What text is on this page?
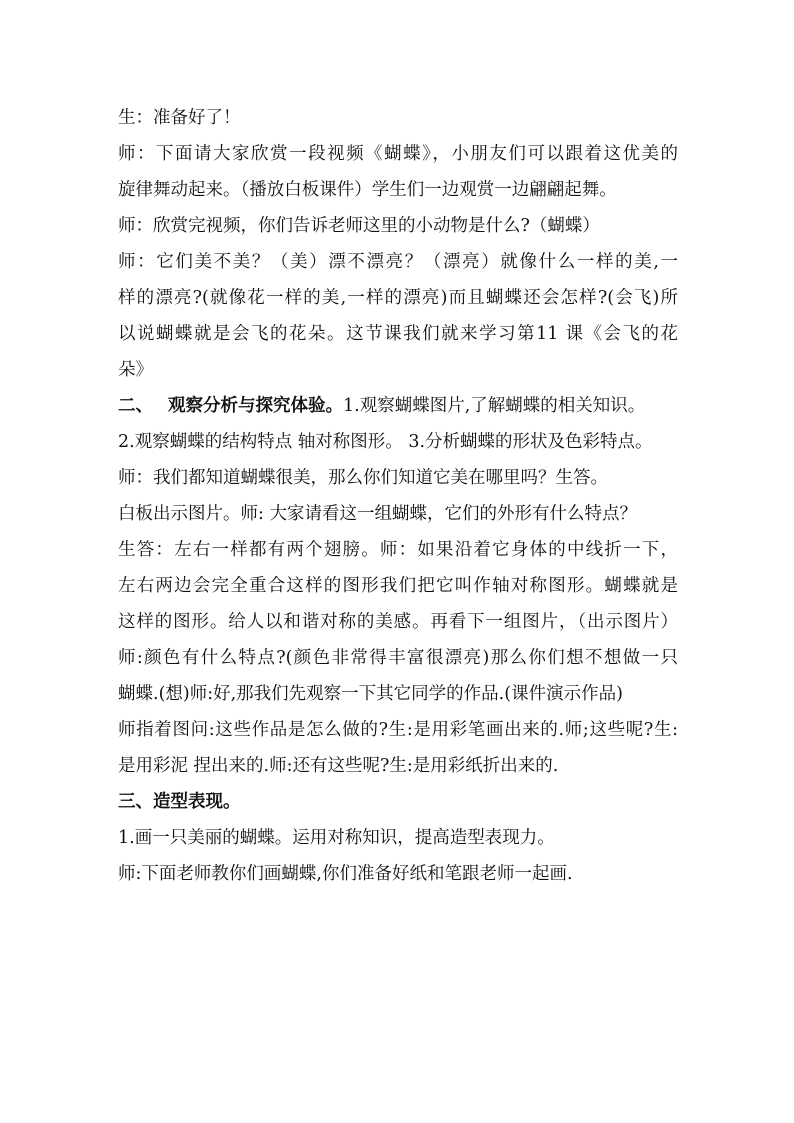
生：准备好了！
师：下面请大家欣赏一段视频《蝴蝶》，小朋友们可以跟着这优美的
旋律舞动起来。（播放白板课件）学生们一边观赏一边翩翩起舞。
师：欣赏完视频，你们告诉老师这里的小动物是什么?（蝴蝶）
师：它们美不美？（美）漂不漂亮？（漂亮）就像什么一样的美,一
样的漂亮?(就像花一样的美,一样的漂亮)而且蝴蝶还会怎样?(会飞)所
以说蝴蝶就是会飞的花朵。这节课我们就来学习第11 课《会飞的花
朵》
二、 观察分析与探究体验。1.观察蝴蝶图片,了解蝴蝶的相关知识。
2.观察蝴蝶的结构特点 轴对称图形。 3.分析蝴蝶的形状及色彩特点。
师：我们都知道蝴蝶很美，那么你们知道它美在哪里吗？生答。
白板出示图片。师: 大家请看这一组蝴蝶，它们的外形有什么特点？
生答：左右一样都有两个翅膀。师：如果沿着它身体的中线折一下，
左右两边会完全重合这样的图形我们把它叫作轴对称图形。蝴蝶就是
这样的图形。给人以和谐对称的美感。再看下一组图片，（出示图片）
师:颜色有什么特点?(颜色非常得丰富很漂亮)那么你们想不想做一只
蝴蝶.(想)师:好,那我们先观察一下其它同学的作品.(课件演示作品)
师指着图问:这些作品是怎么做的?生:是用彩笔画出来的.师;这些呢?生:
是用彩泥 捏出来的.师:还有这些呢?生:是用彩纸折出来的.
三、造型表现。
1.画一只美丽的蝴蝶。运用对称知识，提高造型表现力。
师:下面老师教你们画蝴蝶,你们准备好纸和笔跟老师一起画.
